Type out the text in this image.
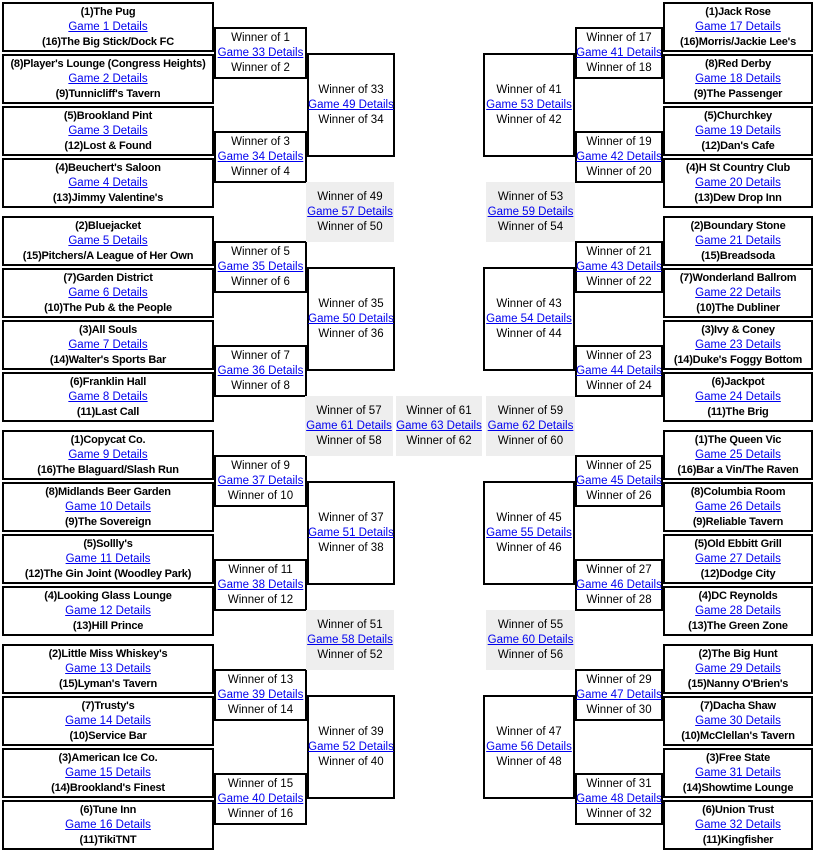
(1)The Pug
Game 1 Details
(16)The Big Stick/Dock FC
(1)Jack Rose
Game 17 Details
(16)Morris/Jackie Lee's
(8)Player's Lounge (Congress Heights)
Game 2 Details
(9)Tunnicliff's Tavern
(8)Red Derby
Game 18 Details
(9)The Passenger
(5)Brookland Pint
Game 3 Details
(12)Lost & Found
(5)Churchkey
Game 19 Details
(12)Dan's Cafe
(4)Beuchert's Saloon
Game 4 Details
(13)Jimmy Valentine's
(4)H St Country Club
Game 20 Details
(13)Dew Drop Inn
(2)Bluejacket
Game 5 Details
(15)Pitchers/A League of Her Own
(2)Boundary Stone
Game 21 Details
(15)Breadsoda
(7)Garden District
Game 6 Details
(10)The Pub & the People
(7)Wonderland Ballrom
Game 22 Details
(10)The Dubliner
(3)All Souls
Game 7 Details
(14)Walter's Sports Bar
(3)Ivy & Coney
Game 23 Details
(14)Duke's Foggy Bottom
(6)Franklin Hall
Game 8 Details
(11)Last Call
(6)Jackpot
Game 24 Details
(11)The Brig
(1)Copycat Co.
Game 9 Details
(16)The Blaguard/Slash Run
(1)The Queen Vic
Game 25 Details
(16)Bar a Vin/The Raven
(8)Midlands Beer Garden
Game 10 Details
(9)The Sovereign
(8)Columbia Room
Game 26 Details
(9)Reliable Tavern
(5)Sollly's
Game 11 Details
(12)The Gin Joint (Woodley Park)
(5)Old Ebbitt Grill
Game 27 Details
(12)Dodge City
(4)Looking Glass Lounge
Game 12 Details
(13)Hill Prince
(4)DC Reynolds
Game 28 Details
(13)The Green Zone
(2)Little Miss Whiskey's
Game 13 Details
(15)Lyman's Tavern
(2)The Big Hunt
Game 29 Details
(15)Nanny O'Brien's
(7)Trusty's
Game 14 Details
(10)Service Bar
(7)Dacha Shaw
Game 30 Details
(10)McClellan's Tavern
(3)American Ice Co.
Game 15 Details
(14)Brookland's Finest
(3)Free State
Game 31 Details
(14)Showtime Lounge
(6)Tune Inn
Game 16 Details
(11)TikiTNT
(6)Union Trust
Game 32 Details
(11)Kingfisher
Winner of 1
Game 33 Details
Winner of 2
Winner of 17
Game 41 Details
Winner of 18
Winner of 3
Game 34 Details
Winner of 4
Winner of 19
Game 42 Details
Winner of 20
Winner of 5
Game 35 Details
Winner of 6
Winner of 21
Game 43 Details
Winner of 22
Winner of 7
Game 36 Details
Winner of 8
Winner of 23
Game 44 Details
Winner of 24
Winner of 9
Game 37 Details
Winner of 10
Winner of 25
Game 45 Details
Winner of 26
Winner of 11
Game 38 Details
Winner of 12
Winner of 27
Game 46 Details
Winner of 28
Winner of 13
Game 39 Details
Winner of 14
Winner of 29
Game 47 Details
Winner of 30
Winner of 15
Game 40 Details
Winner of 16
Winner of 31
Game 48 Details
Winner of 32
Winner of 33
Game 49 Details
Winner of 34
Winner of 41
Game 53 Details
Winner of 42
Winner of 35
Game 50 Details
Winner of 36
Winner of 43
Game 54 Details
Winner of 44
Winner of 37
Game 51 Details
Winner of 38
Winner of 45
Game 55 Details
Winner of 46
Winner of 39
Game 52 Details
Winner of 40
Winner of 47
Game 56 Details
Winner of 48
Winner of 49
Game 57 Details
Winner of 50
Winner of 53
Game 59 Details
Winner of 54
Winner of 51
Game 58 Details
Winner of 52
Winner of 55
Game 60 Details
Winner of 56
Winner of 57
Game 61 Details
Winner of 58
Winner of 61
Game 63 Details
Winner of 62
Winner of 59
Game 62 Details
Winner of 60
